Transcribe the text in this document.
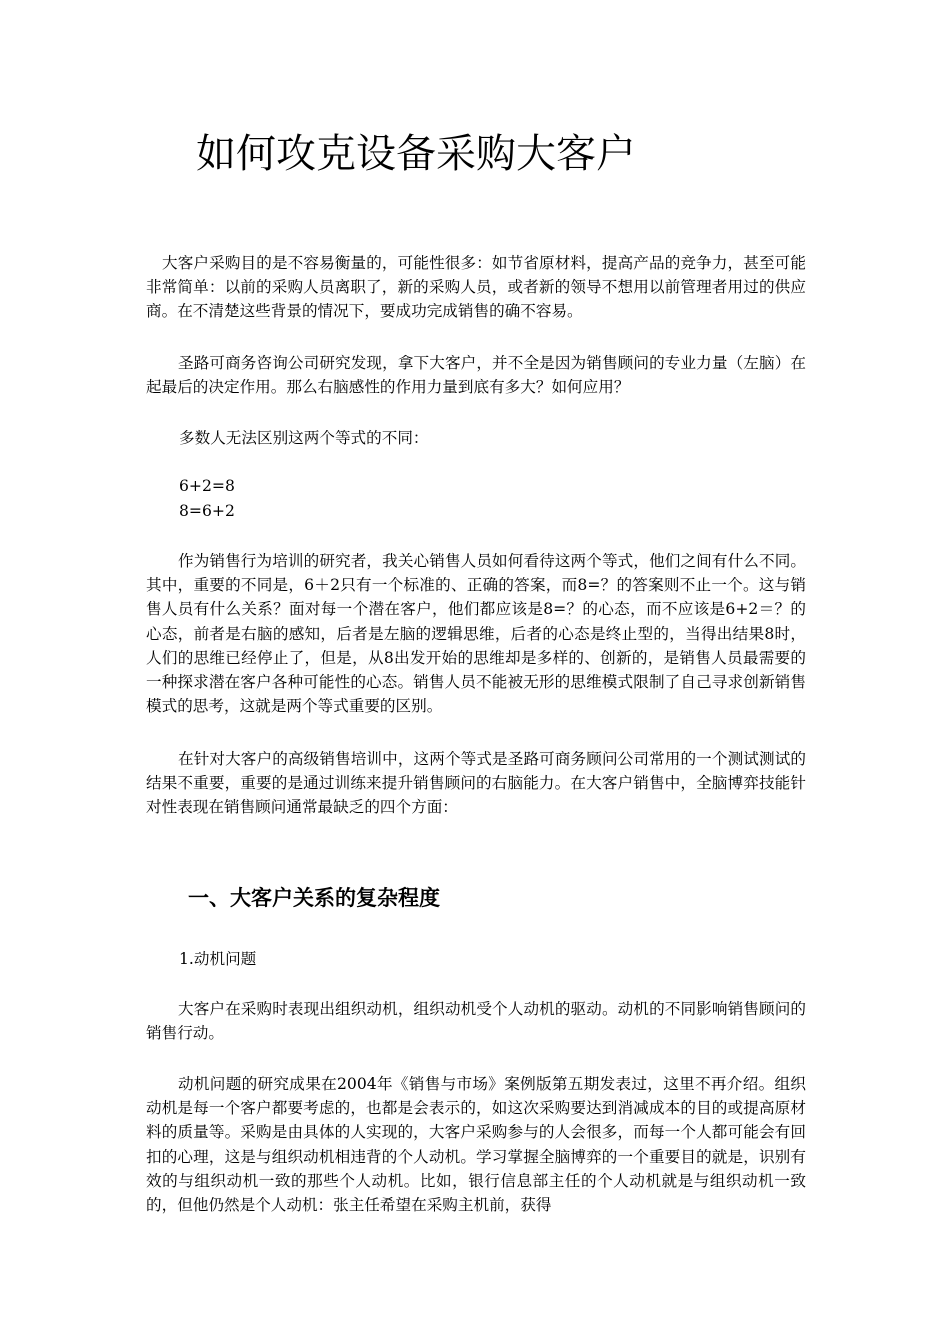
如何攻克设备采购大客户

大客户采购目的是不容易衡量的，可能性很多：如节省原材料，提高产品的竞争力，甚至可能非常简单：以前的采购人员离职了，新的采购人员，或者新的领导不想用以前管理者用过的供应商。在不清楚这些背景的情况下，要成功完成销售的确不容易。

圣路可商务咨询公司研究发现，拿下大客户，并不全是因为销售顾问的专业力量（左脑）在起最后的决定作用。那么右脑感性的作用力量到底有多大？如何应用？

多数人无法区别这两个等式的不同：

6+2=8

8=6+2

作为销售行为培训的研究者，我关心销售人员如何看待这两个等式，他们之间有什么不同。其中，重要的不同是，6＋2只有一个标准的、正确的答案，而8=？的答案则不止一个。这与销售人员有什么关系？面对每一个潜在客户，他们都应该是8=？的心态，而不应该是6+2＝？的心态，前者是右脑的感知，后者是左脑的逻辑思维，后者的心态是终止型的，当得出结果8时，人们的思维已经停止了，但是，从8出发开始的思维却是多样的、创新的，是销售人员最需要的一种探求潜在客户各种可能性的心态。销售人员不能被无形的思维模式限制了自己寻求创新销售模式的思考，这就是两个等式重要的区别。

在针对大客户的高级销售培训中，这两个等式是圣路可商务顾问公司常用的一个测试测试的结果不重要，重要的是通过训练来提升销售顾问的右脑能力。在大客户销售中，全脑博弈技能针对性表现在销售顾问通常最缺乏的四个方面：

一、大客户关系的复杂程度

1.动机问题

大客户在采购时表现出组织动机，组织动机受个人动机的驱动。动机的不同影响销售顾问的销售行动。

动机问题的研究成果在2004年《销售与市场》案例版第五期发表过，这里不再介绍。组织动机是每一个客户都要考虑的，也都是会表示的，如这次采购要达到消减成本的目的或提高原材料的质量等。采购是由具体的人实现的，大客户采购参与的人会很多，而每一个人都可能会有回扣的心理，这是与组织动机相违背的个人动机。学习掌握全脑博弈的一个重要目的就是，识别有效的与组织动机一致的那些个人动机。比如，银行信息部主任的个人动机就是与组织动机一致的，但他仍然是个人动机：张主任希望在采购主机前，获得
